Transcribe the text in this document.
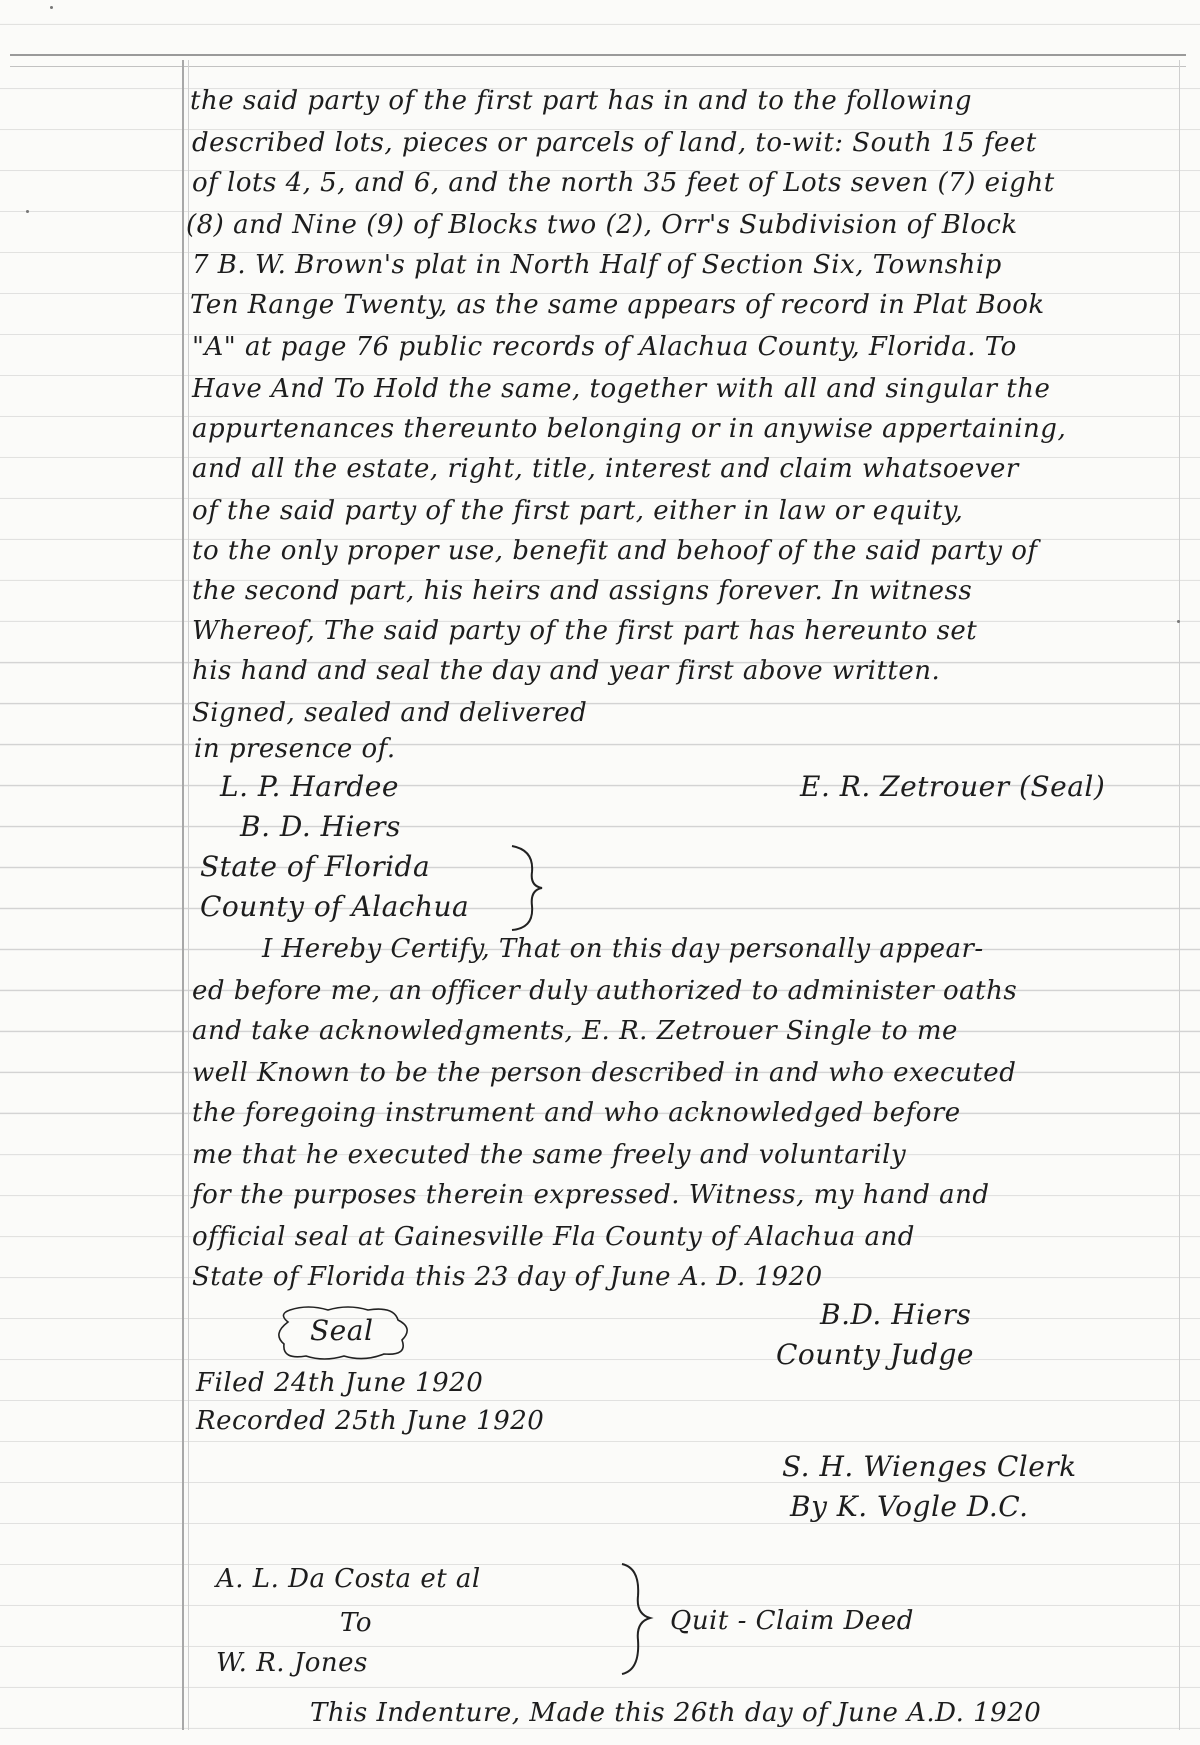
the said party of the first part has in and to the following
described lots, pieces or parcels of land, to-wit: South 15 feet
of lots 4, 5, and 6, and the north 35 feet of Lots seven (7) eight
(8) and Nine (9) of Blocks two (2), Orr's Subdivision of Block
7 B. W. Brown's plat in North Half of Section Six, Township
Ten Range Twenty, as the same appears of record in Plat Book
"A" at page 76 public records of Alachua County, Florida. To
Have And To Hold the same, together with all and singular the
appurtenances thereunto belonging or in anywise appertaining,
and all the estate, right, title, interest and claim whatsoever
of the said party of the first part, either in law or equity,
to the only proper use, benefit and behoof of the said party of
the second part, his heirs and assigns forever. In witness
Whereof, The said party of the first part has hereunto set
his hand and seal the day and year first above written.
Signed, sealed and delivered
in presence of.
L. P. Hardee	E. R. Zetrouer (Seal)
B. D. Hiers
State of Florida
County of Alachua
I Hereby Certify, That on this day personally appear-
ed before me, an officer duly authorized to administer oaths
and take acknowledgments, E. R. Zetrouer Single to me
well Known to be the person described in and who executed
the foregoing instrument and who acknowledged before
me that he executed the same freely and voluntarily
for the purposes therein expressed. Witness, my hand and
official seal at Gainesville Fla County of Alachua and
State of Florida this 23 day of June A. D. 1920
B.D. Hiers
County Judge
Seal
Filed 24th June 1920
Recorded 25th June 1920
S. H. Wienges Clerk
By K. Vogle D.C.
A. L. Da Costa et al
To
W. R. Jones
Quit - Claim Deed
This Indenture, Made this 26th day of June A.D. 1920
